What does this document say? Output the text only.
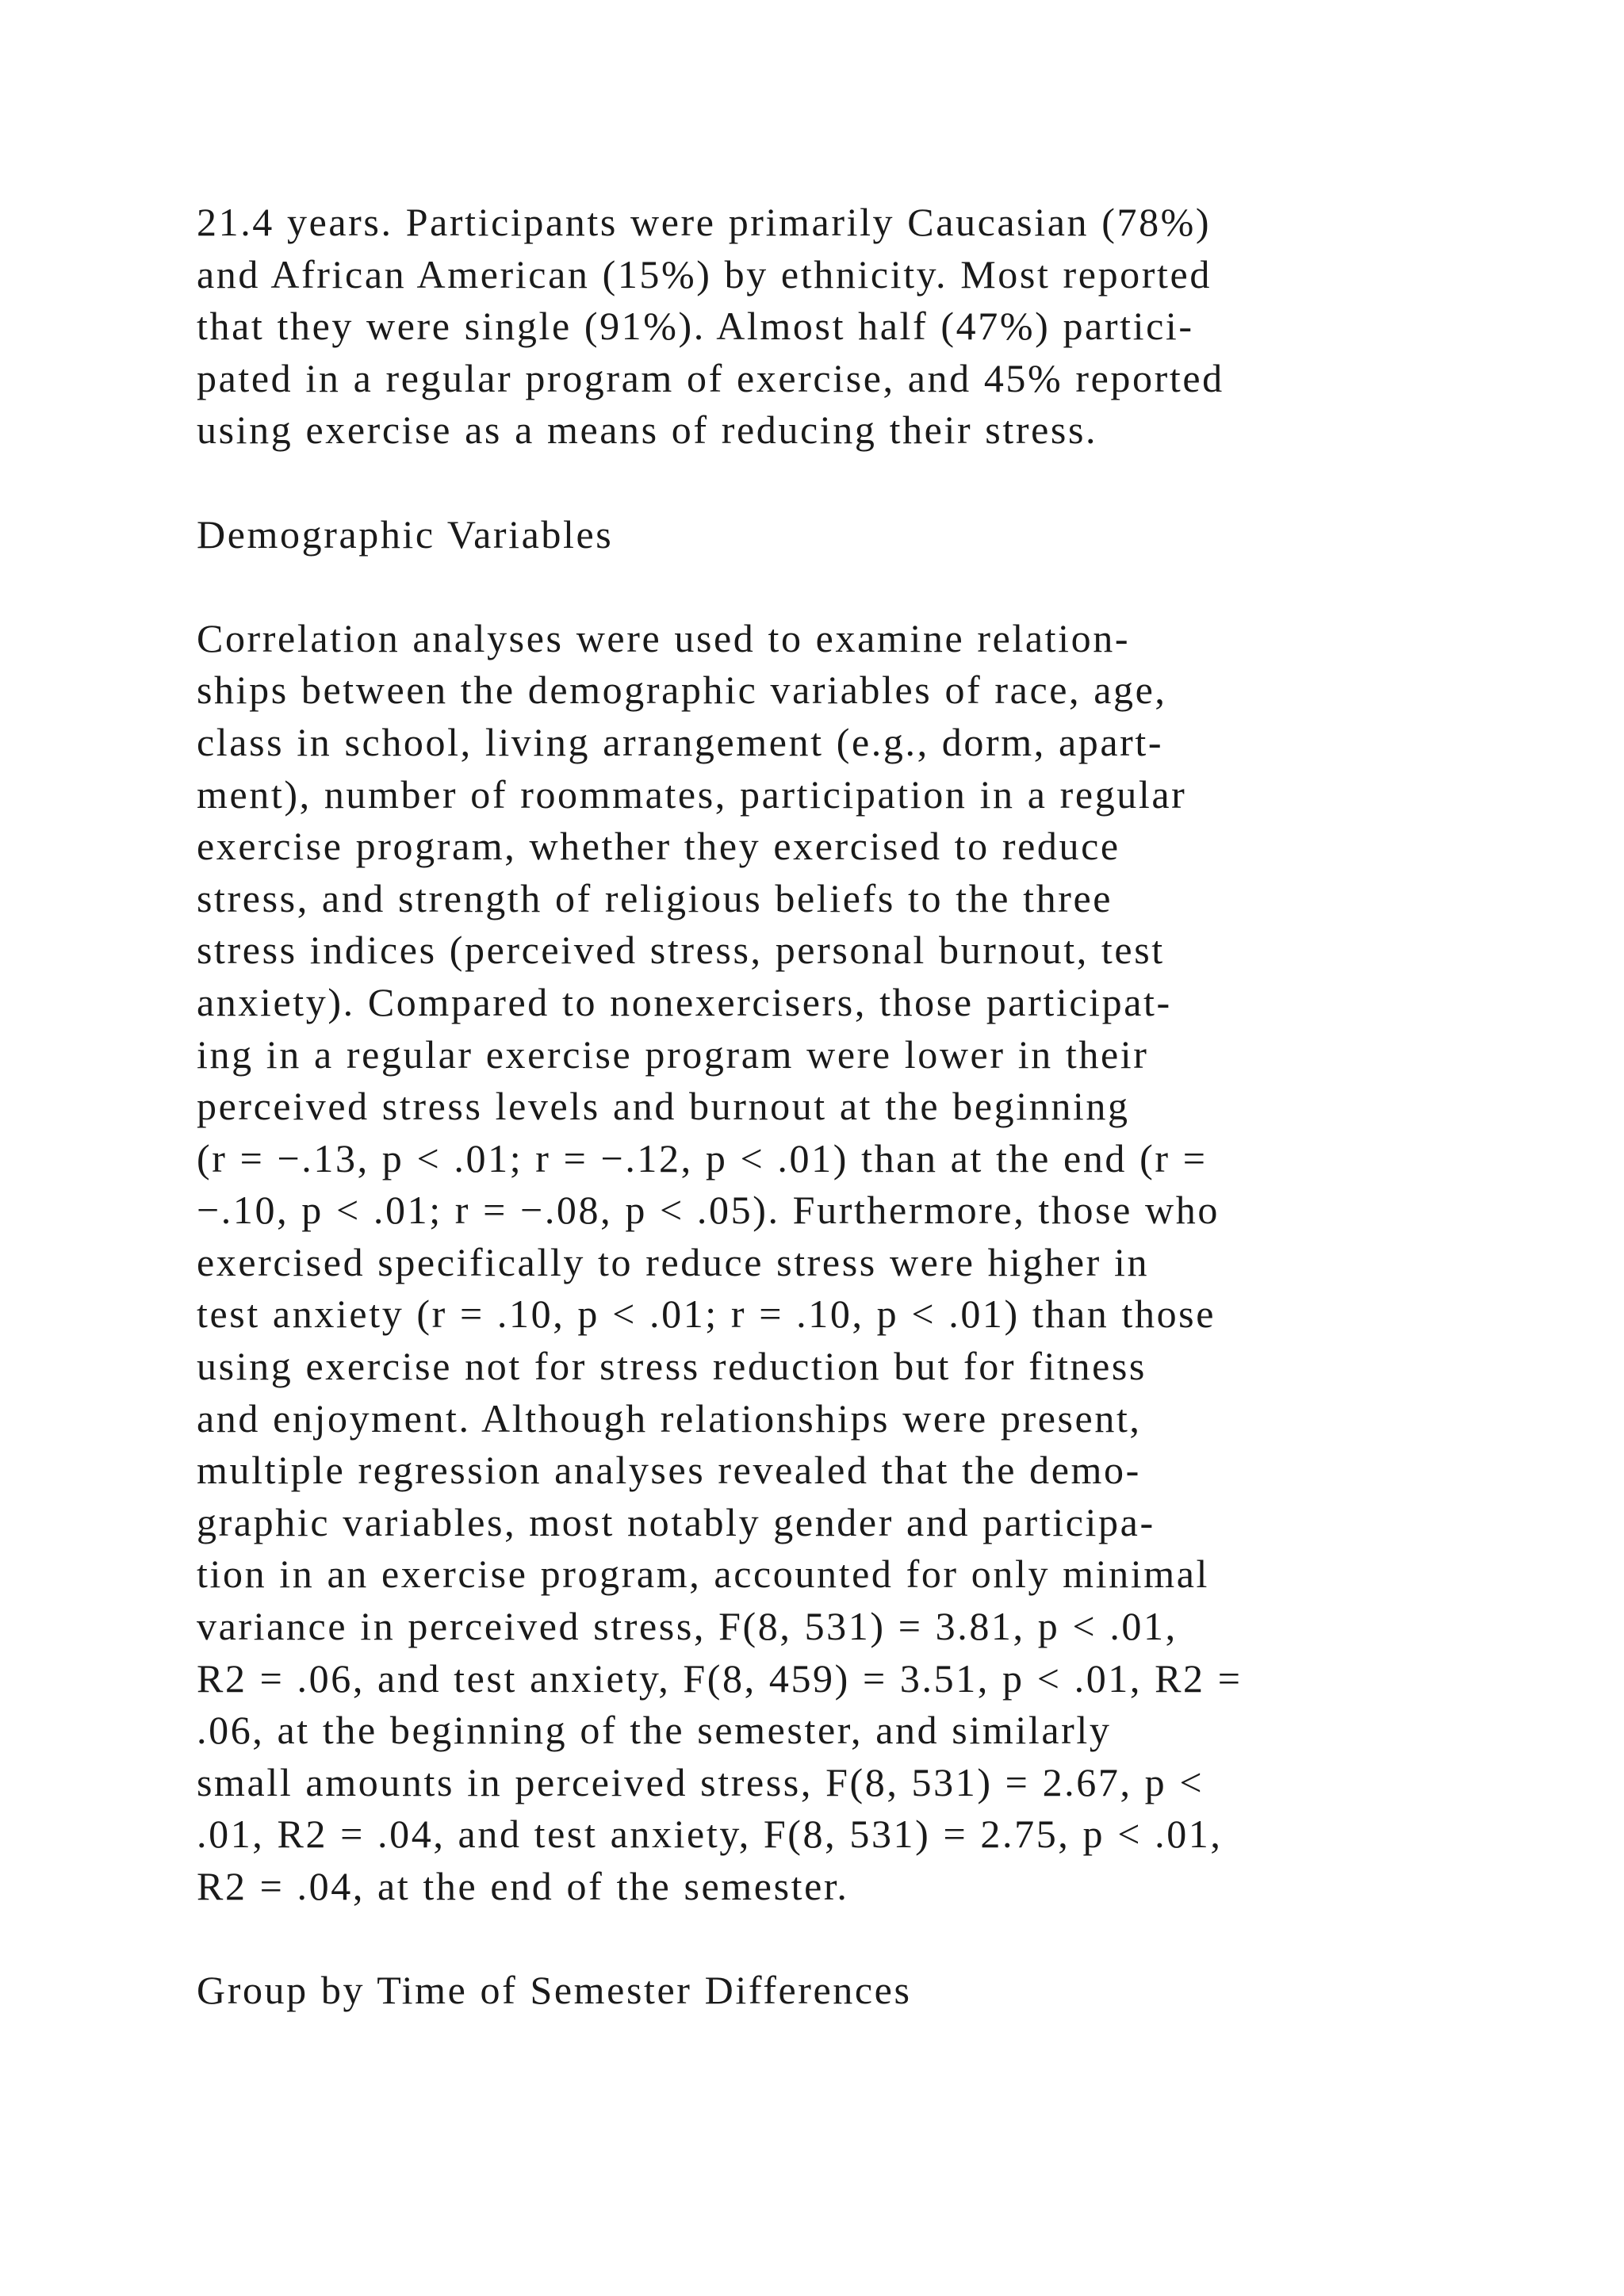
21.4 years. Participants were primarily Caucasian (78%)
and African American (15%) by ethnicity. Most reported
that they were single (91%). Almost half (47%) partici-
pated in a regular program of exercise, and 45% reported
using exercise as a means of reducing their stress.
Demographic Variables
Correlation analyses were used to examine relation-
ships between the demographic variables of race, age,
class in school, living arrangement (e.g., dorm, apart-
ment), number of roommates, participation in a regular
exercise program, whether they exercised to reduce
stress, and strength of religious beliefs to the three
stress indices (perceived stress, personal burnout, test
anxiety). Compared to nonexercisers, those participat-
ing in a regular exercise program were lower in their
perceived stress levels and burnout at the beginning
(r = −.13, p < .01; r = −.12, p < .01) than at the end (r =
−.10, p < .01; r = −.08, p < .05). Furthermore, those who
exercised specifically to reduce stress were higher in
test anxiety (r = .10, p < .01; r = .10, p < .01) than those
using exercise not for stress reduction but for fitness
and enjoyment. Although relationships were present,
multiple regression analyses revealed that the demo-
graphic variables, most notably gender and participa-
tion in an exercise program, accounted for only minimal
variance in perceived stress, F(8, 531) = 3.81, p < .01,
R2 = .06, and test anxiety, F(8, 459) = 3.51, p < .01, R2 =
.06, at the beginning of the semester, and similarly
small amounts in perceived stress, F(8, 531) = 2.67, p <
.01, R2 = .04, and test anxiety, F(8, 531) = 2.75, p < .01,
R2 = .04, at the end of the semester.
Group by Time of Semester Differences
